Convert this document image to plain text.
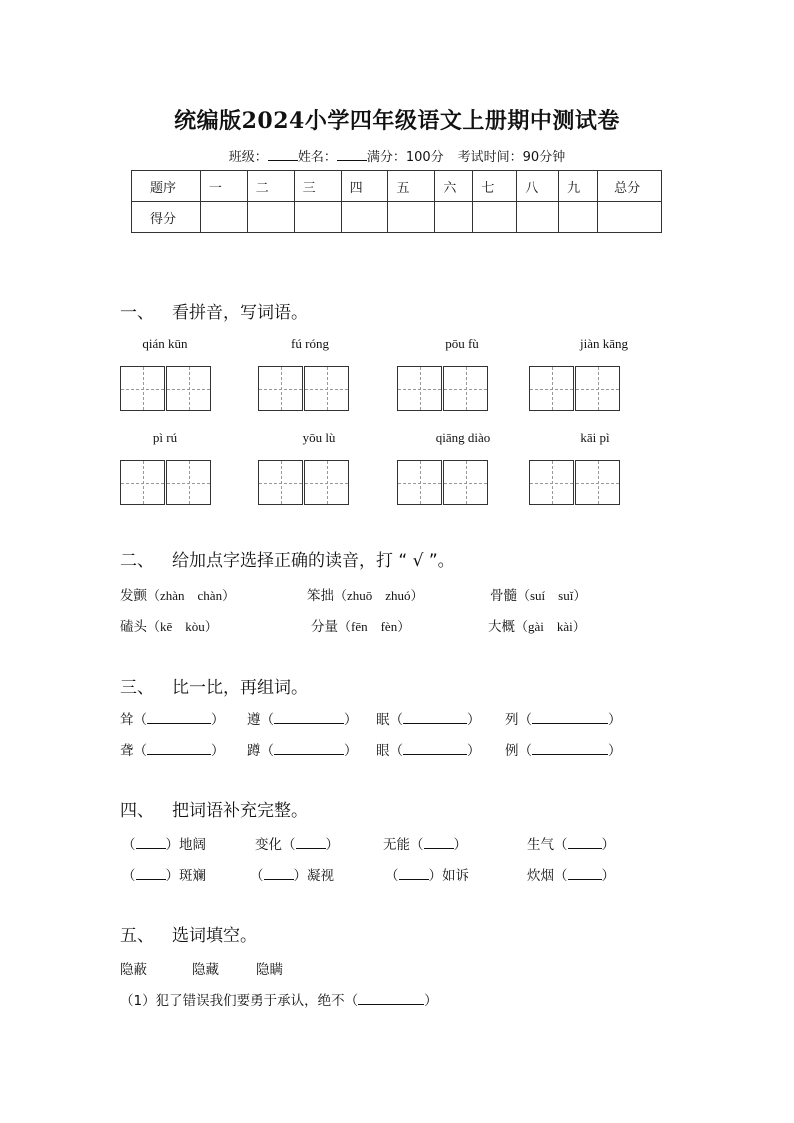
统编版2024小学四年级语文上册期中测试卷
班级： 姓名： 满分：100分 考试时间：90分钟
题序	一	二	三	四	五	六	七	八	九	总分
得分										
一、 看拼音，写词语。
qián kūn	fú róng	pōu fù	jiàn kāng
pì rú	yōu lù	qiāng diào	kāi pì
二、 给加点字选择正确的读音，打 “ √ ”。
发颤（zhàn　chàn）	笨拙（zhuō　zhuó）	骨髓（suí　suǐ）
磕头（kē　kòu）	分量（fēn　fèn）	大概（gài　kài）
三、 比一比，再组词。
耸（	） 遵（	） 眠（	） 列（	）
聋（	） 蹲（	） 眼（	） 例（	）
四、 把词语补充完整。
（ ）地阔	变化（ ）	无能（ ）	生气（	）
（ ）斑斓	（ ）凝视	（ ）如诉	炊烟（	）
五、 选词填空。
隐蔽	隐藏	隐瞒
（1）犯了错误我们要勇于承认，绝不（	）
